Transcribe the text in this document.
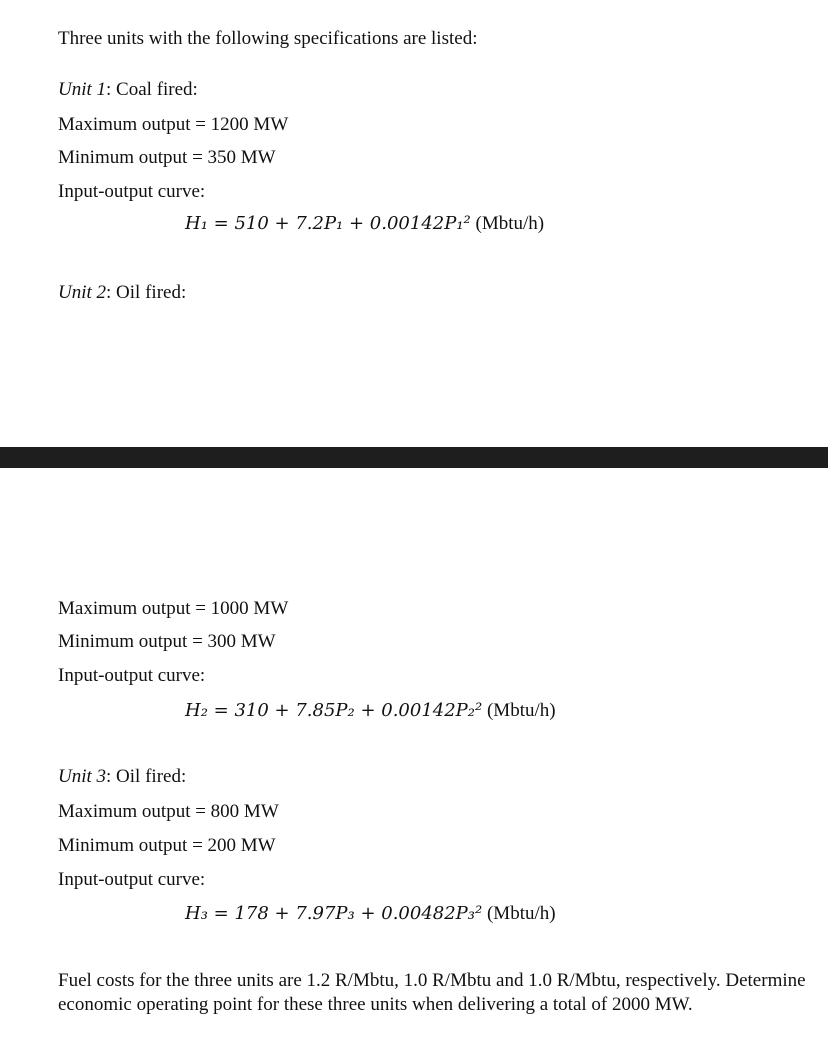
Three units with the following specifications are listed:
Unit 1: Coal fired:
Maximum output = 1200 MW
Minimum output = 350 MW
Input-output curve:
H₁ = 510 + 7.2P₁ + 0.00142P₁² (Mbtu/h)
Unit 2: Oil fired:
Maximum output = 1000 MW
Minimum output = 300 MW
Input-output curve:
H₂ = 310 + 7.85P₂ + 0.00142P₂² (Mbtu/h)
Unit 3: Oil fired:
Maximum output = 800 MW
Minimum output = 200 MW
Input-output curve:
H₃ = 178 + 7.97P₃ + 0.00482P₃² (Mbtu/h)
Fuel costs for the three units are 1.2 R/Mbtu, 1.0 R/Mbtu and 1.0 R/Mbtu, respectively. Determine economic operating point for these three units when delivering a total of 2000 MW.
